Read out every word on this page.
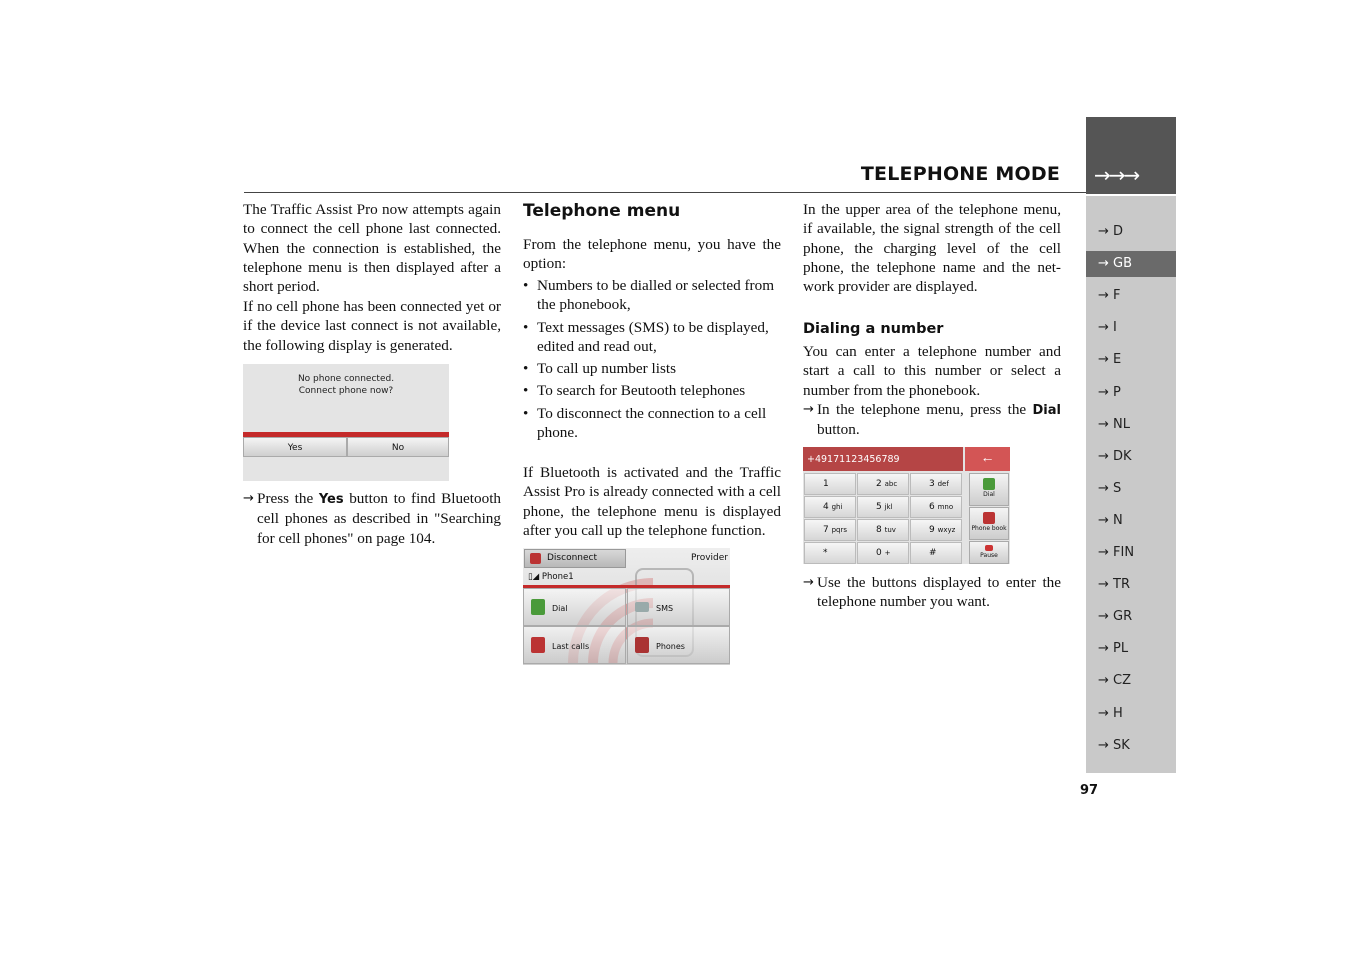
→→→
TELEPHONE MODE
→ D
→ GB
→ F
→ I
→ E
→ P
→ NL
→ DK
→ S
→ N
→ FIN
→ TR
→ GR
→ PL
→ CZ
→ H
→ SK
97
The Traffic Assist Pro now attempts again to connect the cell phone last connected. When the connection is established, the telephone menu is then displayed after a short period.
If no cell phone has been connected yet or if the device last connect is not available, the following display is generated.
No phone connected.
Connect phone now?
Yes	No
→ Press the Yes button to find Bluetooth cell phones as described in "Searching for cell phones" on page 104.
Telephone menu
From the telephone menu, you have the option:
• Numbers to be dialled or selected from the phonebook,
• Text messages (SMS) to be displayed, edited and read out,
• To call up number lists
• To search for Beutooth telephones
• To disconnect the connection to a cell phone.
If Bluetooth is activated and the Traffic Assist Pro is already connected with a cell phone, the telephone menu is displayed after you call up the telephone function.
Disconnect	Provider
▯◢ Phone1
Dial	SMS
Last calls	Phones
In the upper area of the telephone menu, if available, the signal strength of the cell phone, the charging level of the cell phone, the telephone name and the net-work provider are displayed.
Dialing a number
You can enter a telephone number and start a call to this number or select a number from the phonebook.
→ In the telephone menu, press the Dial button.
+49171123456789	←
1	2 abc	3 def
4 ghi	5 jkl	6 mno
7 pqrs	8 tuv	9 wxyz
*	0 +	#
Dial
Phone book
Pause
→ Use the buttons displayed to enter the telephone number you want.
